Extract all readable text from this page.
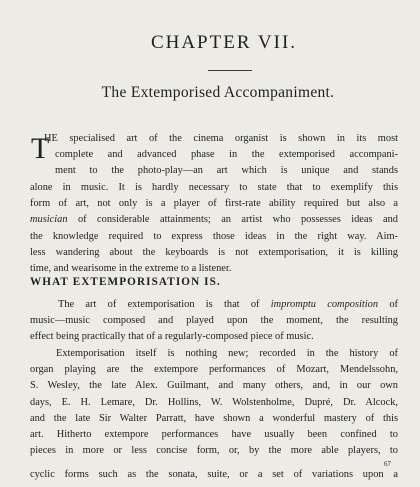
CHAPTER VII.
The Extemporised Accompaniment.
T
HE specialised art of the cinema organist is shown in its most
complete and advanced phase in the extemporised accompani-
ment to the photo-play—an art which is unique and stands
alone in music. It is hardly necessary to state that to exemplify this
form of art, not only is a player of first-rate ability required but also a
musician of considerable attainments; an artist who possesses ideas and
the knowledge required to express those ideas in the right way. Aim-
less wandering about the keyboards is not extemporisation, it is killing
time, and wearisome in the extreme to a listener.
WHAT EXTEMPORISATION IS.
The art of extemporisation is that of impromptu composition of
music—music composed and played upon the moment, the resulting
effect being practically that of a regularly-composed piece of music.
Extemporisation itself is nothing new; recorded in the history of
organ playing are the extempore performances of Mozart, Mendelssohn,
S. Wesley, the late Alex. Guilmant, and many others, and, in our own
days, E. H. Lemare, Dr. Hollins, W. Wolstenholme, Dupré, Dr. Alcock,
and the late Sir Walter Parratt, have shown a wonderful mastery of this
art. Hitherto extempore performances have usually been confined to
pieces in more or less concise form, or, by the more able players, to
cyclic forms such as the sonata, suite, or a set of variations upon a
67
